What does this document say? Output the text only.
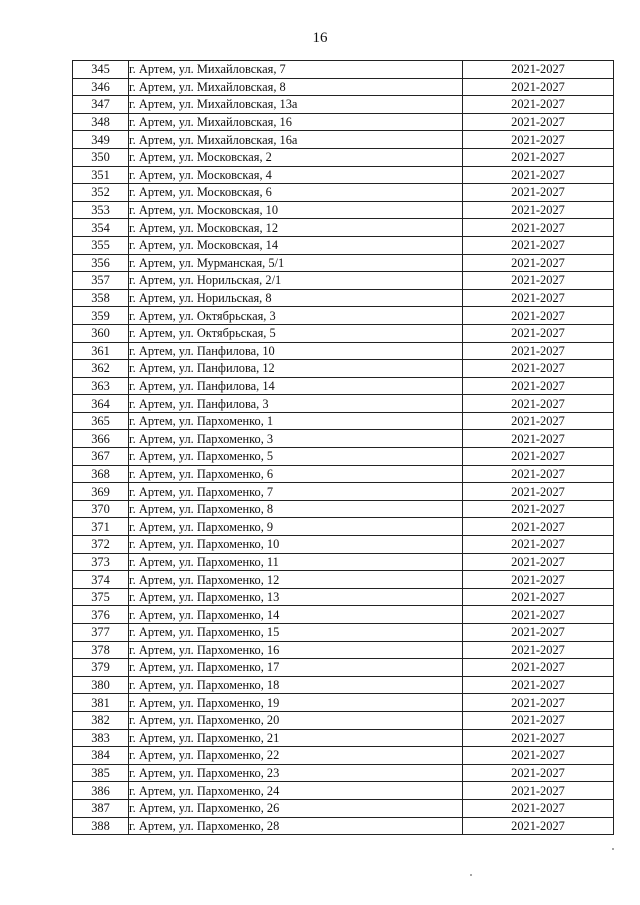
16
345	г. Артем, ул. Михайловская, 7	2021-2027
346	г. Артем, ул. Михайловская, 8	2021-2027
347	г. Артем, ул. Михайловская, 13а	2021-2027
348	г. Артем, ул. Михайловская, 16	2021-2027
349	г. Артем, ул. Михайловская, 16а	2021-2027
350	г. Артем, ул. Московская, 2	2021-2027
351	г. Артем, ул. Московская, 4	2021-2027
352	г. Артем, ул. Московская, 6	2021-2027
353	г. Артем, ул. Московская, 10	2021-2027
354	г. Артем, ул. Московская, 12	2021-2027
355	г. Артем, ул. Московская, 14	2021-2027
356	г. Артем, ул. Мурманская, 5/1	2021-2027
357	г. Артем, ул. Норильская, 2/1	2021-2027
358	г. Артем, ул. Норильская, 8	2021-2027
359	г. Артем, ул. Октябрьская, 3	2021-2027
360	г. Артем, ул. Октябрьская, 5	2021-2027
361	г. Артем, ул. Панфилова, 10	2021-2027
362	г. Артем, ул. Панфилова, 12	2021-2027
363	г. Артем, ул. Панфилова, 14	2021-2027
364	г. Артем, ул. Панфилова, 3	2021-2027
365	г. Артем, ул. Пархоменко, 1	2021-2027
366	г. Артем, ул. Пархоменко, 3	2021-2027
367	г. Артем, ул. Пархоменко, 5	2021-2027
368	г. Артем, ул. Пархоменко, 6	2021-2027
369	г. Артем, ул. Пархоменко, 7	2021-2027
370	г. Артем, ул. Пархоменко, 8	2021-2027
371	г. Артем, ул. Пархоменко, 9	2021-2027
372	г. Артем, ул. Пархоменко, 10	2021-2027
373	г. Артем, ул. Пархоменко, 11	2021-2027
374	г. Артем, ул. Пархоменко, 12	2021-2027
375	г. Артем, ул. Пархоменко, 13	2021-2027
376	г. Артем, ул. Пархоменко, 14	2021-2027
377	г. Артем, ул. Пархоменко, 15	2021-2027
378	г. Артем, ул. Пархоменко, 16	2021-2027
379	г. Артем, ул. Пархоменко, 17	2021-2027
380	г. Артем, ул. Пархоменко, 18	2021-2027
381	г. Артем, ул. Пархоменко, 19	2021-2027
382	г. Артем, ул. Пархоменко, 20	2021-2027
383	г. Артем, ул. Пархоменко, 21	2021-2027
384	г. Артем, ул. Пархоменко, 22	2021-2027
385	г. Артем, ул. Пархоменко, 23	2021-2027
386	г. Артем, ул. Пархоменко, 24	2021-2027
387	г. Артем, ул. Пархоменко, 26	2021-2027
388	г. Артем, ул. Пархоменко, 28	2021-2027
